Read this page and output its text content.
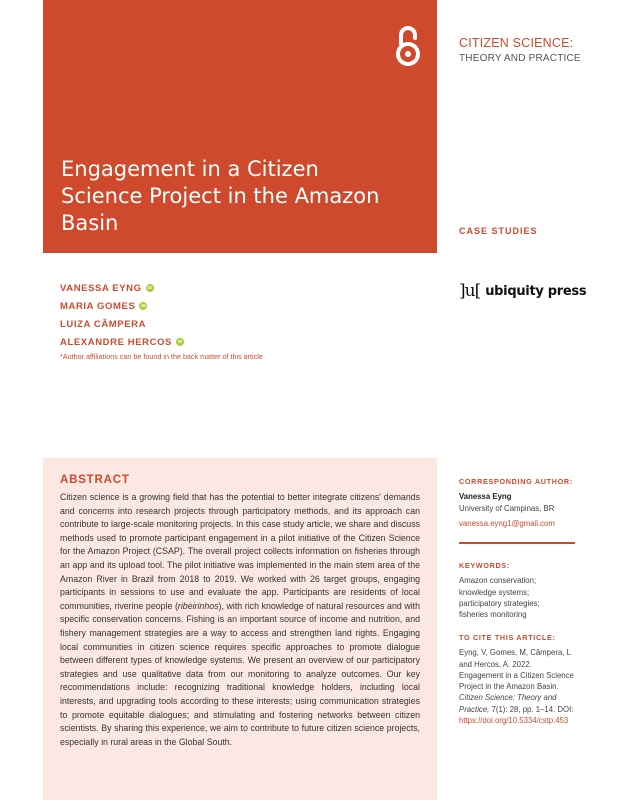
Engagement in a Citizen Science Project in the Amazon Basin
CITIZEN SCIENCE:
THEORY AND PRACTICE
CASE STUDIES
]u[ ubiquity press
VANESSA EYNG
iD
MARIA GOMES
iD
LUIZA CÂMPERA
ALEXANDRE HERCOS
iD
*Author affiliations can be found in the back matter of this article
ABSTRACT

Citizen science is a growing field that has the potential to better integrate citizens' demands and concerns into research projects through participatory methods, and its approach can contribute to large-scale monitoring projects. In this case study article, we share and discuss methods used to promote participant engagement in a pilot initiative of the Citizen Science for the Amazon Project (CSAP). The overall project collects information on fisheries through an app and its upload tool. The pilot initiative was implemented in the main stem area of the Amazon River in Brazil from 2018 to 2019. We worked with 26 target groups, engaging participants in sessions to use and evaluate the app. Participants are residents of local communities, riverine people (ribeirinhos), with rich knowledge of natural resources and with specific conservation concerns. Fishing is an important source of income and nutrition, and fishery management strategies are a way to access and strengthen land rights. Engaging local communities in citizen science requires specific approaches to promote dialogue between different types of knowledge systems. We present an overview of our participatory strategies and use qualitative data from our monitoring to analyze outcomes. Our key recommendations include: recognizing traditional knowledge holders, including local interests, and upgrading tools according to these interests; using communication strategies to promote equitable dialogues; and stimulating and fostering networks between citizen scientists. By sharing this experience, we aim to contribute to future citizen science projects, especially in rural areas in the Global South.

CORRESPONDING AUTHOR:
Vanessa Eyng
University of Campinas, BR
vanessa.eyng1@gmail.com
KEYWORDS:
Amazon conservation;
knowledge systems;
participatory strategies;
fisheries monitoring
TO CITE THIS ARTICLE:
Eyng, V, Gomes, M, Câmpera, L and Hercos, A. 2022. Engagement in a Citizen Science Project in the Amazon Basin. Citizen Science: Theory and Practice, 7(1): 28, pp. 1–14. DOI: https://doi.org/10.5334/cstp.453
